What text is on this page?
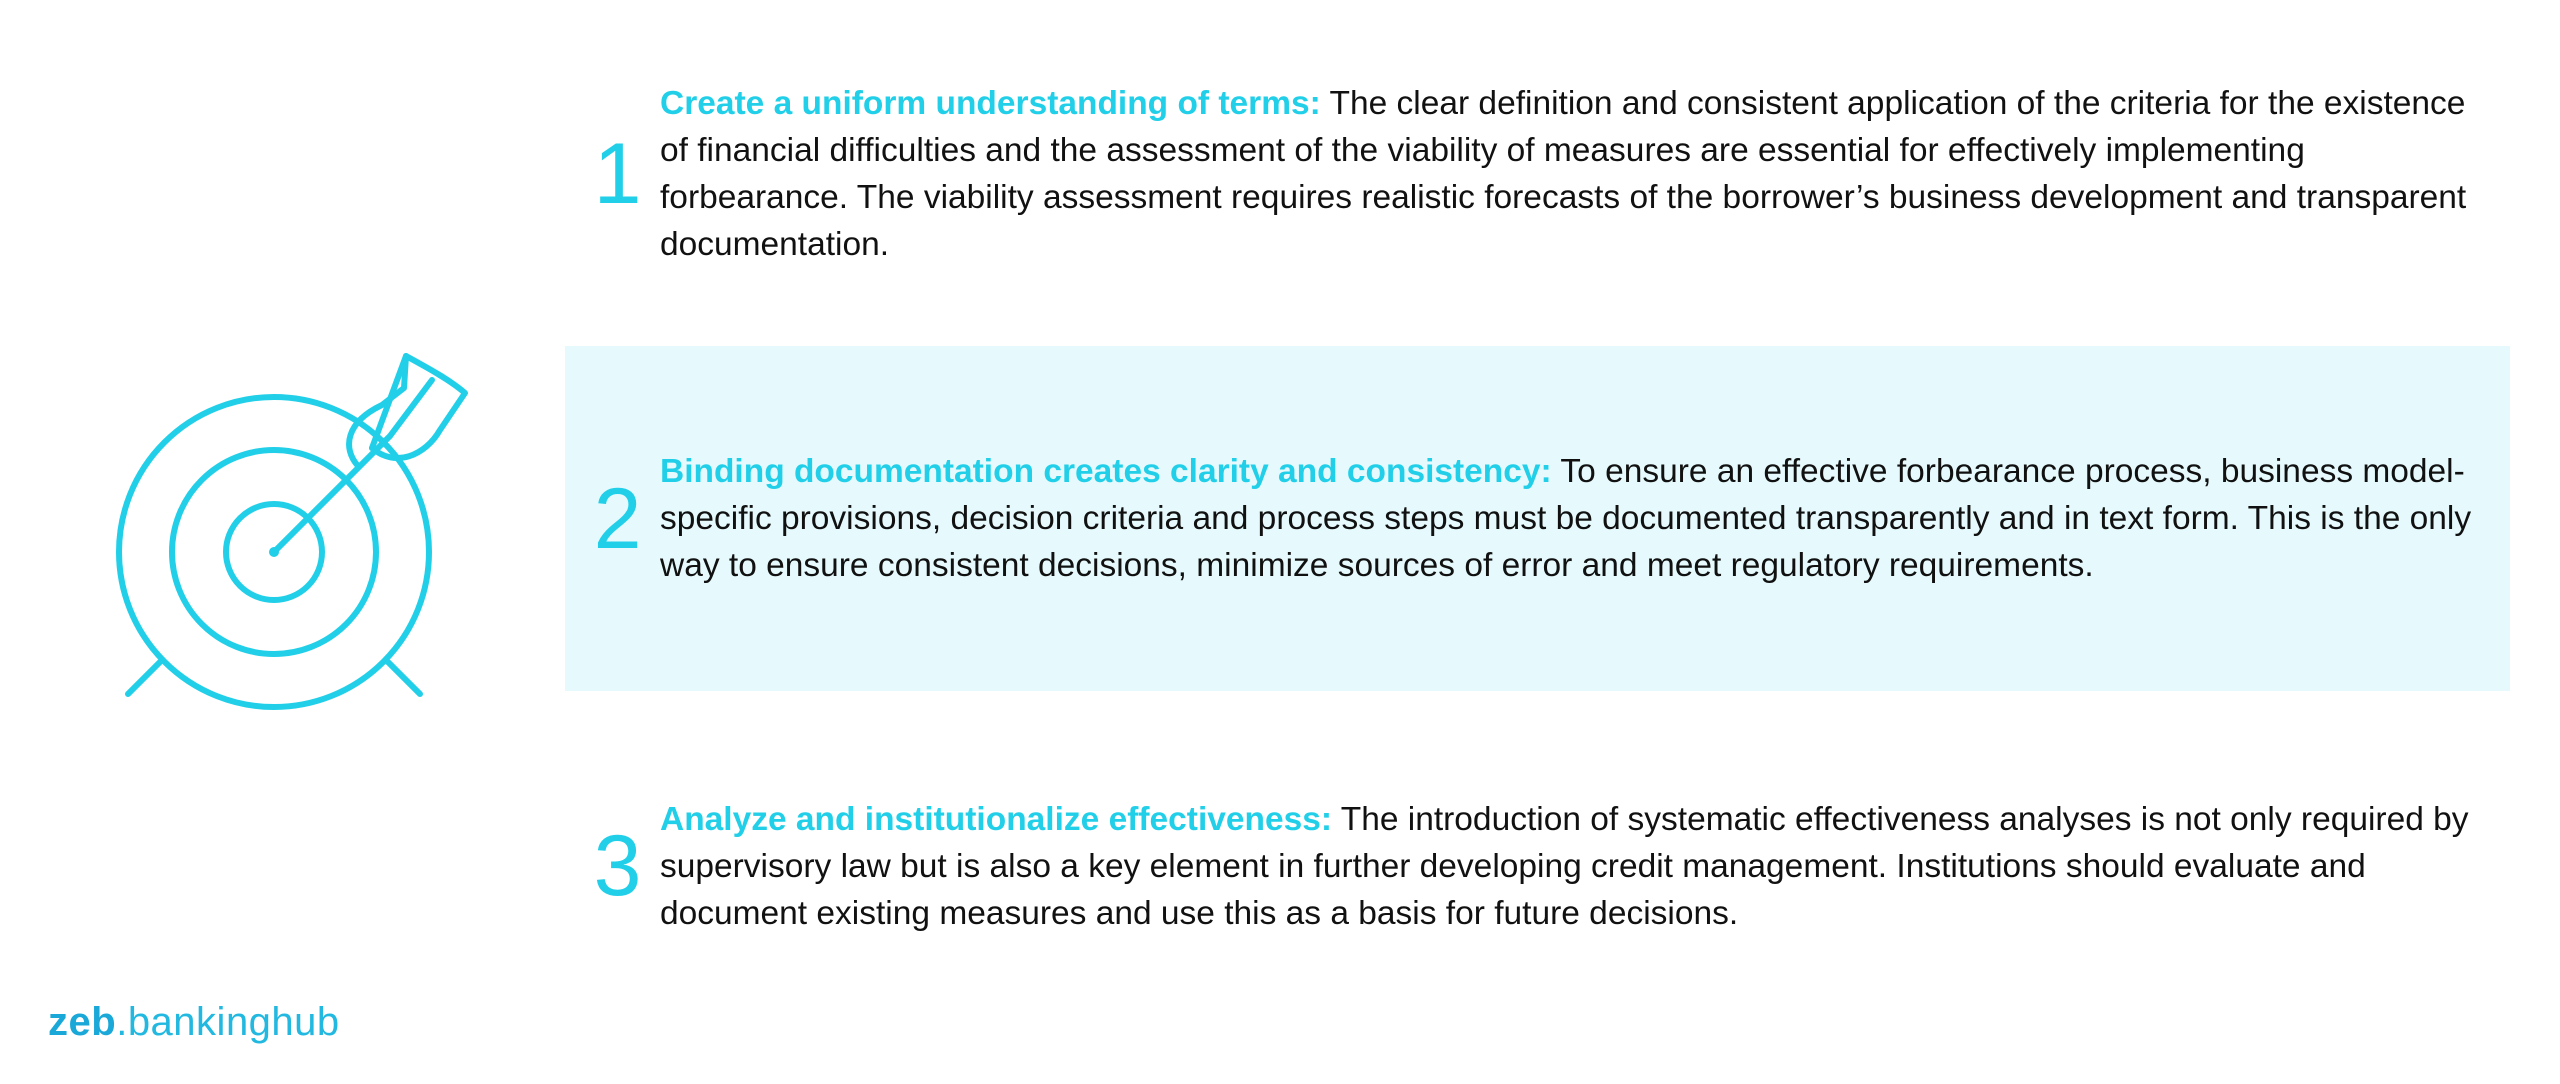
1
Create a uniform understanding of terms: The clear definition and consistent application of the criteria for the existence of financial difficulties and the assessment of the viability of measures are essential for effectively implementing forbearance. The viability assessment requires realistic forecasts of the borrower’s business development and transparent documentation.
2 Binding documentation creates clarity and consistency: To ensure an effective forbearance process, business model-specific provisions, decision criteria and process steps must be documented transparently and in text form. This is the only way to ensure consistent decisions, minimize sources of error and meet regulatory requirements.
3 Analyze and institutionalize effectiveness: The introduction of systematic effectiveness analyses is not only required by supervisory law but is also a key element in further developing credit management. Institutions should evaluate and document existing measures and use this as a basis for future decisions.
zeb.bankinghub
